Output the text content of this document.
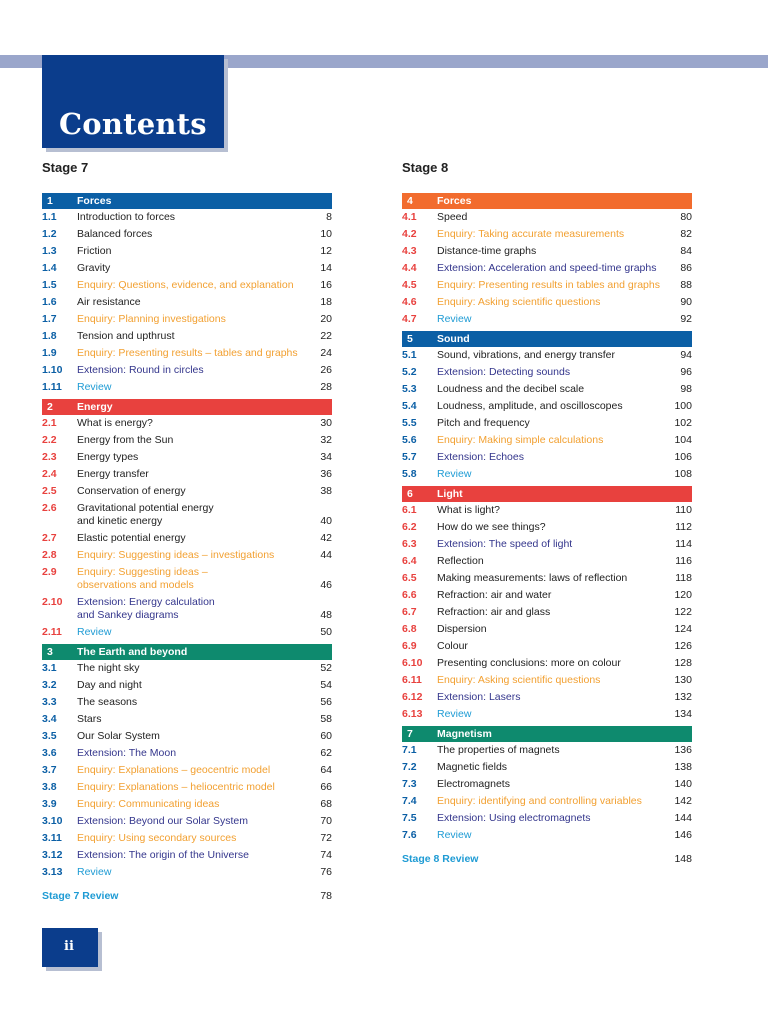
Contents
Stage 7	Stage 8
1	Forces
1.1	Introduction to forces	8
1.2	Balanced forces	10
1.3	Friction	12
1.4	Gravity	14
1.5	Enquiry: Questions, evidence, and explanation	16
1.6	Air resistance	18
1.7	Enquiry: Planning investigations	20
1.8	Tension and upthrust	22
1.9	Enquiry: Presenting results – tables and graphs	24
1.10	Extension: Round in circles	26
1.11	Review	28
2	Energy
2.1	What is energy?	30
2.2	Energy from the Sun	32
2.3	Energy types	34
2.4	Energy transfer	36
2.5	Conservation of energy	38
2.6	Gravitational potential energy and kinetic energy	40
2.7	Elastic potential energy	42
2.8	Enquiry: Suggesting ideas – investigations	44
2.9	Enquiry: Suggesting ideas – observations and models	46
2.10	Extension: Energy calculation and Sankey diagrams	48
2.11	Review	50
3	The Earth and beyond
3.1	The night sky	52
3.2	Day and night	54
3.3	The seasons	56
3.4	Stars	58
3.5	Our Solar System	60
3.6	Extension: The Moon	62
3.7	Enquiry: Explanations – geocentric model	64
3.8	Enquiry: Explanations – heliocentric model	66
3.9	Enquiry: Communicating ideas	68
3.10	Extension: Beyond our Solar System	70
3.11	Enquiry: Using secondary sources	72
3.12	Extension: The origin of the Universe	74
3.13	Review	76
Stage 7 Review	78
4	Forces
4.1	Speed	80
4.2	Enquiry: Taking accurate measurements	82
4.3	Distance-time graphs	84
4.4	Extension: Acceleration and speed-time graphs	86
4.5	Enquiry: Presenting results in tables and graphs	88
4.6	Enquiry: Asking scientific questions	90
4.7	Review	92
5	Sound
5.1	Sound, vibrations, and energy transfer	94
5.2	Extension: Detecting sounds	96
5.3	Loudness and the decibel scale	98
5.4	Loudness, amplitude, and oscilloscopes	100
5.5	Pitch and frequency	102
5.6	Enquiry: Making simple calculations	104
5.7	Extension: Echoes	106
5.8	Review	108
6	Light
6.1	What is light?	110
6.2	How do we see things?	112
6.3	Extension: The speed of light	114
6.4	Reflection	116
6.5	Making measurements: laws of reflection	118
6.6	Refraction: air and water	120
6.7	Refraction: air and glass	122
6.8	Dispersion	124
6.9	Colour	126
6.10	Presenting conclusions: more on colour	128
6.11	Enquiry: Asking scientific questions	130
6.12	Extension: Lasers	132
6.13	Review	134
7	Magnetism
7.1	The properties of magnets	136
7.2	Magnetic fields	138
7.3	Electromagnets	140
7.4	Enquiry: identifying and controlling variables	142
7.5	Extension: Using electromagnets	144
7.6	Review	146
Stage 8 Review	148
ii
